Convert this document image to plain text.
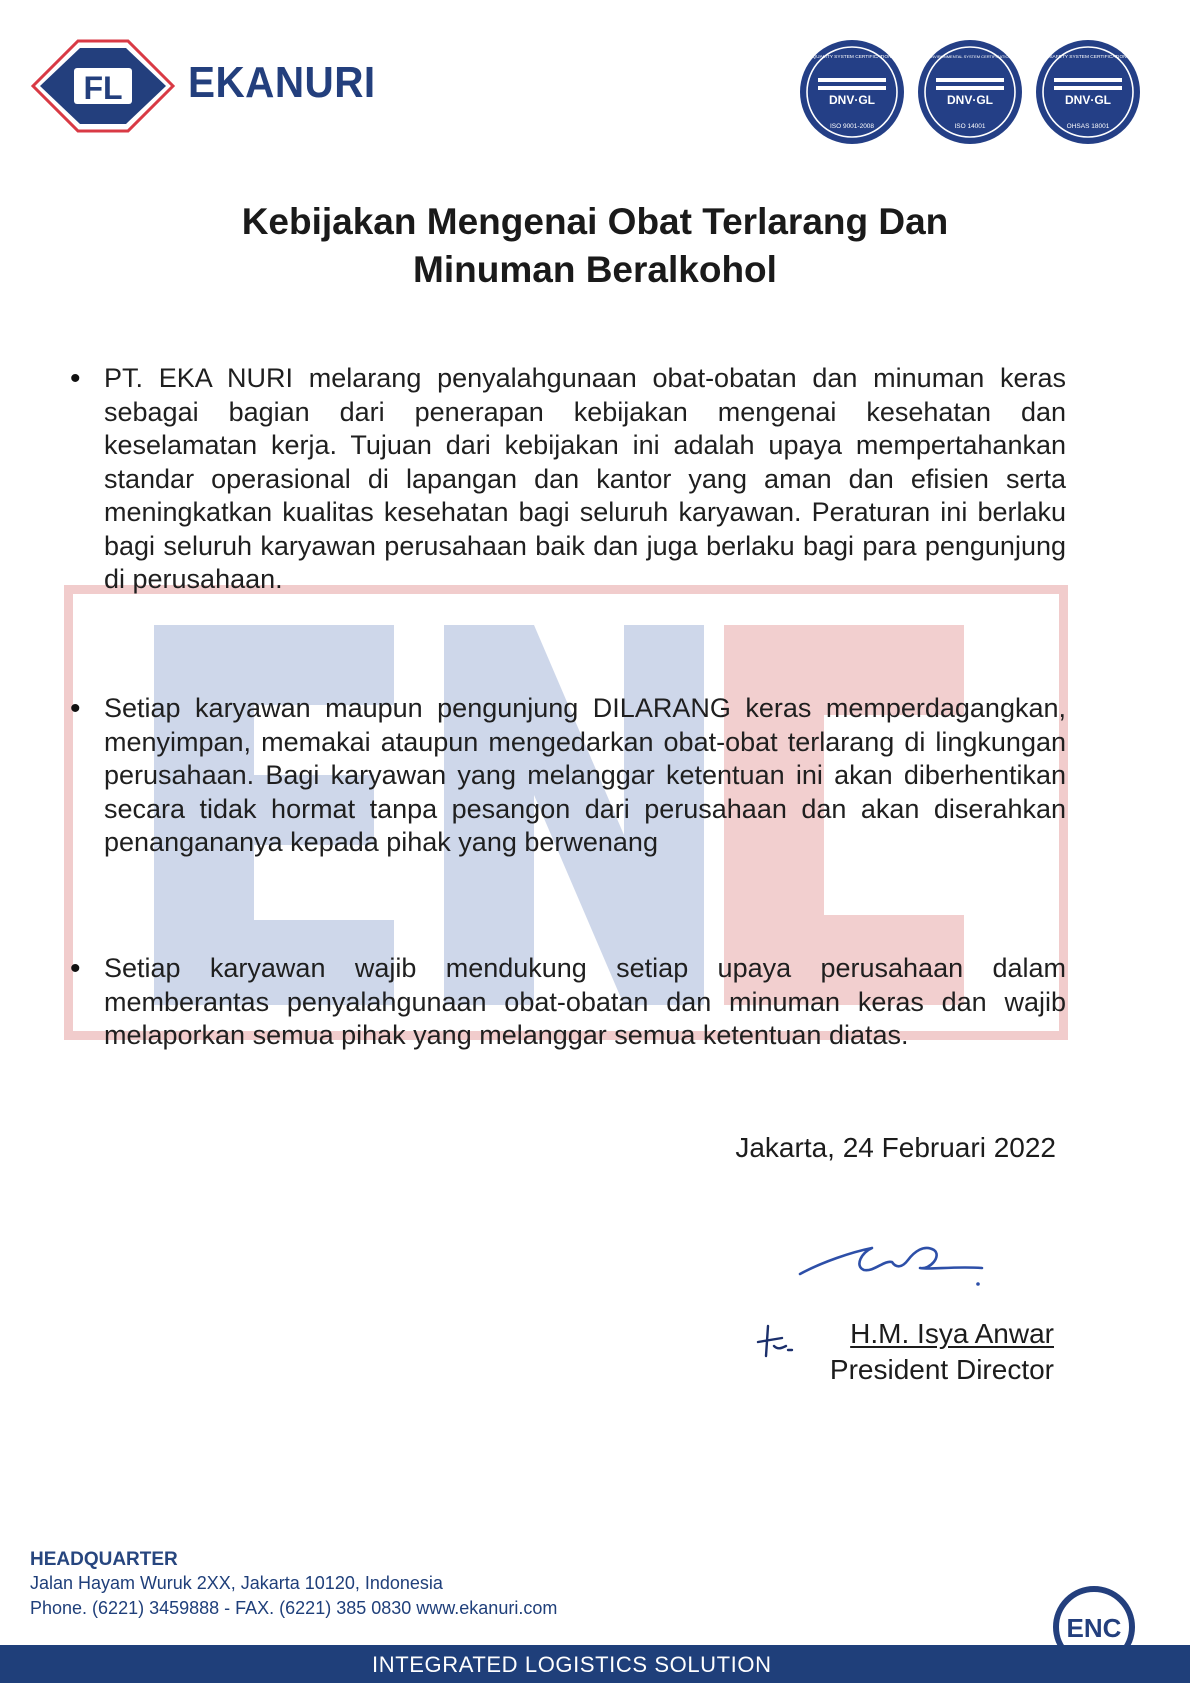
FL EKANURI	DNV·GL
ISO 9001-2008
QUALITY SYSTEM CERTIFICATION
DNV·GL
ISO 14001
ENVIRONMENTAL SYSTEM CERTIFICATION
DNV·GL
OHSAS 18001
SAFETY SYSTEM CERTIFICATION
Kebijakan Mengenai Obat Terlarang Dan
Minuman Beralkohol
ENC
• PT. EKA NURI melarang penyalahgunaan obat-obatan dan minuman keras sebagai bagian dari penerapan kebijakan mengenai kesehatan dan keselamatan kerja. Tujuan dari kebijakan ini adalah upaya mempertahankan standar operasional di lapangan dan kantor yang aman dan efisien serta meningkatkan kualitas kesehatan bagi seluruh karyawan. Peraturan ini berlaku bagi seluruh karyawan perusahaan baik dan juga berlaku bagi para pengunjung di perusahaan.
• Setiap karyawan maupun pengunjung DILARANG keras memperdagangkan, menyimpan, memakai ataupun mengedarkan obat-obat terlarang di lingkungan perusahaan. Bagi karyawan yang melanggar ketentuan ini akan diberhentikan secara tidak hormat tanpa pesangon dari perusahaan dan akan diserahkan penangananya kepada pihak yang berwenang
• Setiap karyawan wajib mendukung setiap upaya perusahaan dalam memberantas penyalahgunaan obat-obatan dan minuman keras dan wajib melaporkan semua pihak yang melanggar semua ketentuan diatas.
Jakarta, 24 Februari 2022
H.M. Isya Anwar
President Director
HEADQUARTER
Jalan Hayam Wuruk 2XX, Jakarta 10120, Indonesia
Phone. (6221) 3459888 - FAX. (6221) 385 0830 www.ekanuri.com
ENC
INTEGRATED LOGISTICS SOLUTION
